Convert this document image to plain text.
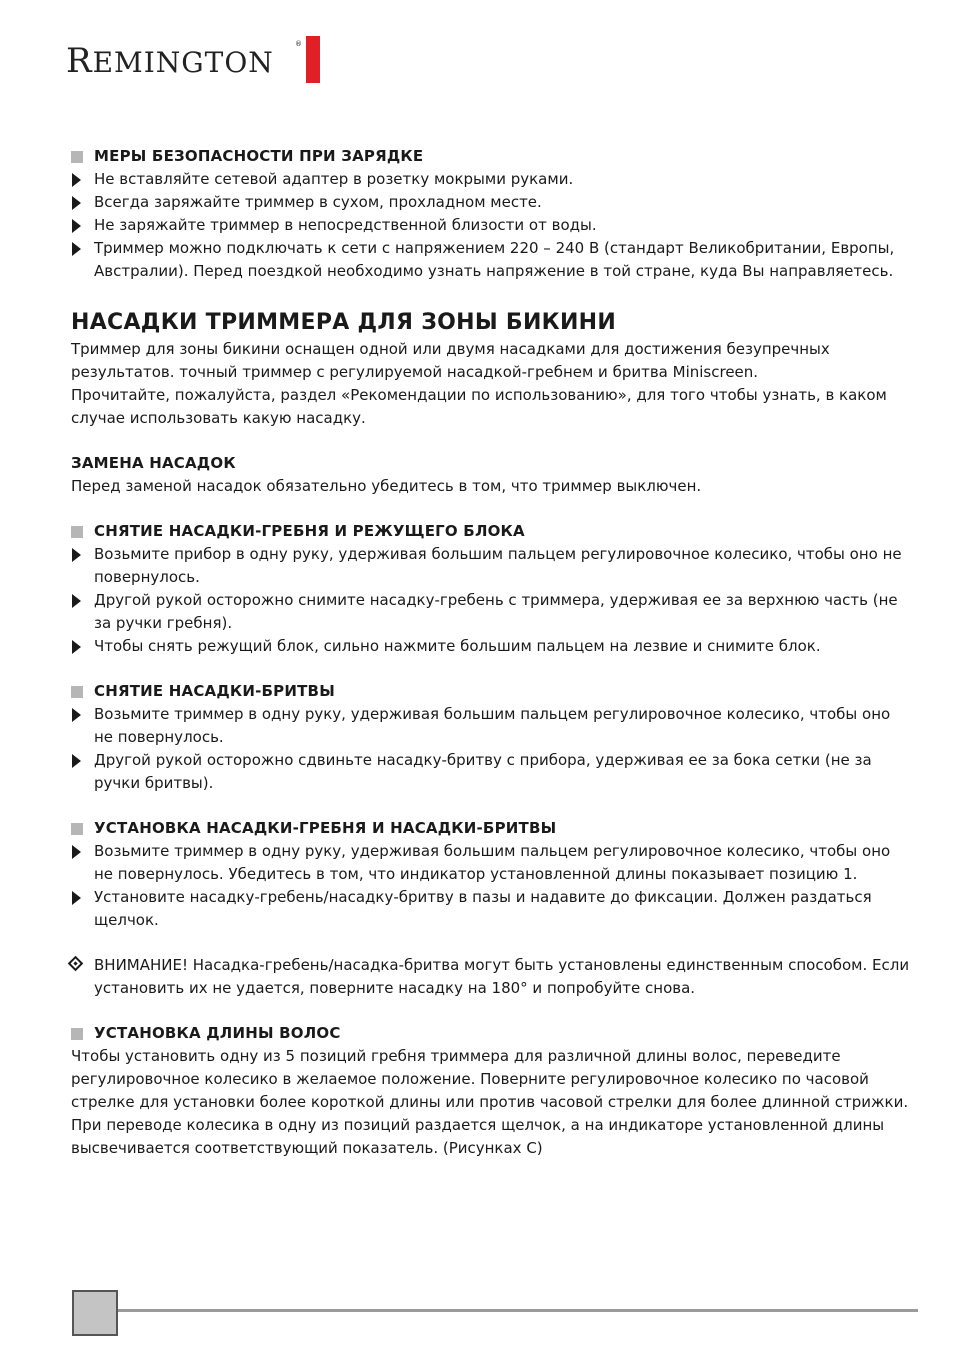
REMINGTON
®
МЕРЫ БЕЗОПАСНОСТИ ПРИ ЗАРЯДКЕ
Не вставляйте сетевой адаптер в розетку мокрыми руками.
Всегда заряжайте триммер в сухом, прохладном месте.
Не заряжайте триммер в непосредственной близости от воды.
Триммер можно подключать к сети с напряжением 220 – 240 В (стандарт Великобритании, Европы, Австралии). Перед поездкой необходимо узнать напряжение в той стране, куда Вы направляетесь.
НАСАДКИ ТРИММЕРА ДЛЯ ЗОНЫ БИКИНИ

Триммер для зоны бикини оснащен одной или двумя насадками для достижения безупречных результатов. точный триммер с регулируемой насадкой-гребнем и бритва Miniscreen.

Прочитайте, пожалуйста, раздел «Рекомендации по использованию», для того чтобы узнать, в каком случае использовать какую насадку.

ЗАМЕНА НАСАДОК

Перед заменой насадок обязательно убедитесь в том, что триммер выключен.

СНЯТИЕ НАСАДКИ-ГРЕБНЯ И РЕЖУЩЕГО БЛОКА
Возьмите прибор в одну руку, удерживая большим пальцем регулировочное колесико, чтобы оно не повернулось.
Другой рукой осторожно снимите насадку-гребень с триммера, удерживая ее за верхнюю часть (не за ручки гребня).
Чтобы снять режущий блок, сильно нажмите большим пальцем на лезвие и снимите блок.
СНЯТИЕ НАСАДКИ-БРИТВЫ
Возьмите триммер в одну руку, удерживая большим пальцем регулировочное колесико, чтобы оно не повернулось.
Другой рукой осторожно сдвиньте насадку-бритву с прибора, удерживая ее за бока сетки (не за ручки бритвы).
УСТАНОВКА НАСАДКИ-ГРЕБНЯ И НАСАДКИ-БРИТВЫ
Возьмите триммер в одну руку, удерживая большим пальцем регулировочное колесико, чтобы оно не повернулось. Убедитесь в том, что индикатор установленной длины показывает позицию 1.
Установите насадку-гребень/насадку-бритву в пазы и надавите до фиксации. Должен раздаться щелчок.
ВНИМАНИЕ! Насадка-гребень/насадка-бритва могут быть установлены единственным способом. Если установить их не удается, поверните насадку на 180° и попробуйте снова.
УСТАНОВКА ДЛИНЫ ВОЛОС

Чтобы установить одну из 5 позиций гребня триммера для различной длины волос, переведите регулировочное колесико в желаемое положение. Поверните регулировочное колесико по часовой стрелке для установки более короткой длины или против часовой стрелки для более длинной стрижки. При переводе колесика в одну из позиций раздается щелчок, а на индикаторе установленной длины высвечивается соответствующий показатель. (Рисунках C)
